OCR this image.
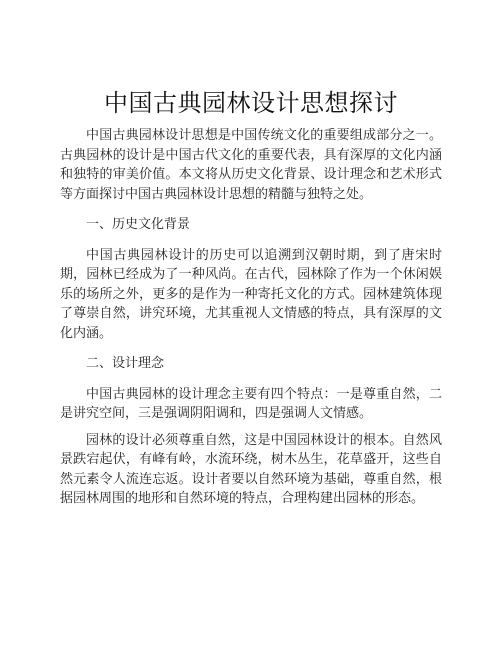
中国古典园林设计思想探讨

中国古典园林设计思想是中国传统文化的重要组成部分之一。古典园林的设计是中国古代文化的重要代表，具有深厚的文化内涵和独特的审美价值。本文将从历史文化背景、设计理念和艺术形式等方面探讨中国古典园林设计思想的精髓与独特之处。

一、历史文化背景

中国古典园林设计的历史可以追溯到汉朝时期，到了唐宋时期，园林已经成为了一种风尚。在古代，园林除了作为一个休闲娱乐的场所之外，更多的是作为一种寄托文化的方式。园林建筑体现了尊崇自然，讲究环境，尤其重视人文情感的特点，具有深厚的文化内涵。

二、设计理念

中国古典园林的设计理念主要有四个特点：一是尊重自然，二是讲究空间，三是强调阴阳调和，四是强调人文情感。

园林的设计必须尊重自然，这是中国园林设计的根本。自然风景跌宕起伏，有峰有岭，水流环绕，树木丛生，花草盛开，这些自然元素令人流连忘返。设计者要以自然环境为基础，尊重自然，根据园林周围的地形和自然环境的特点，合理构建出园林的形态。
